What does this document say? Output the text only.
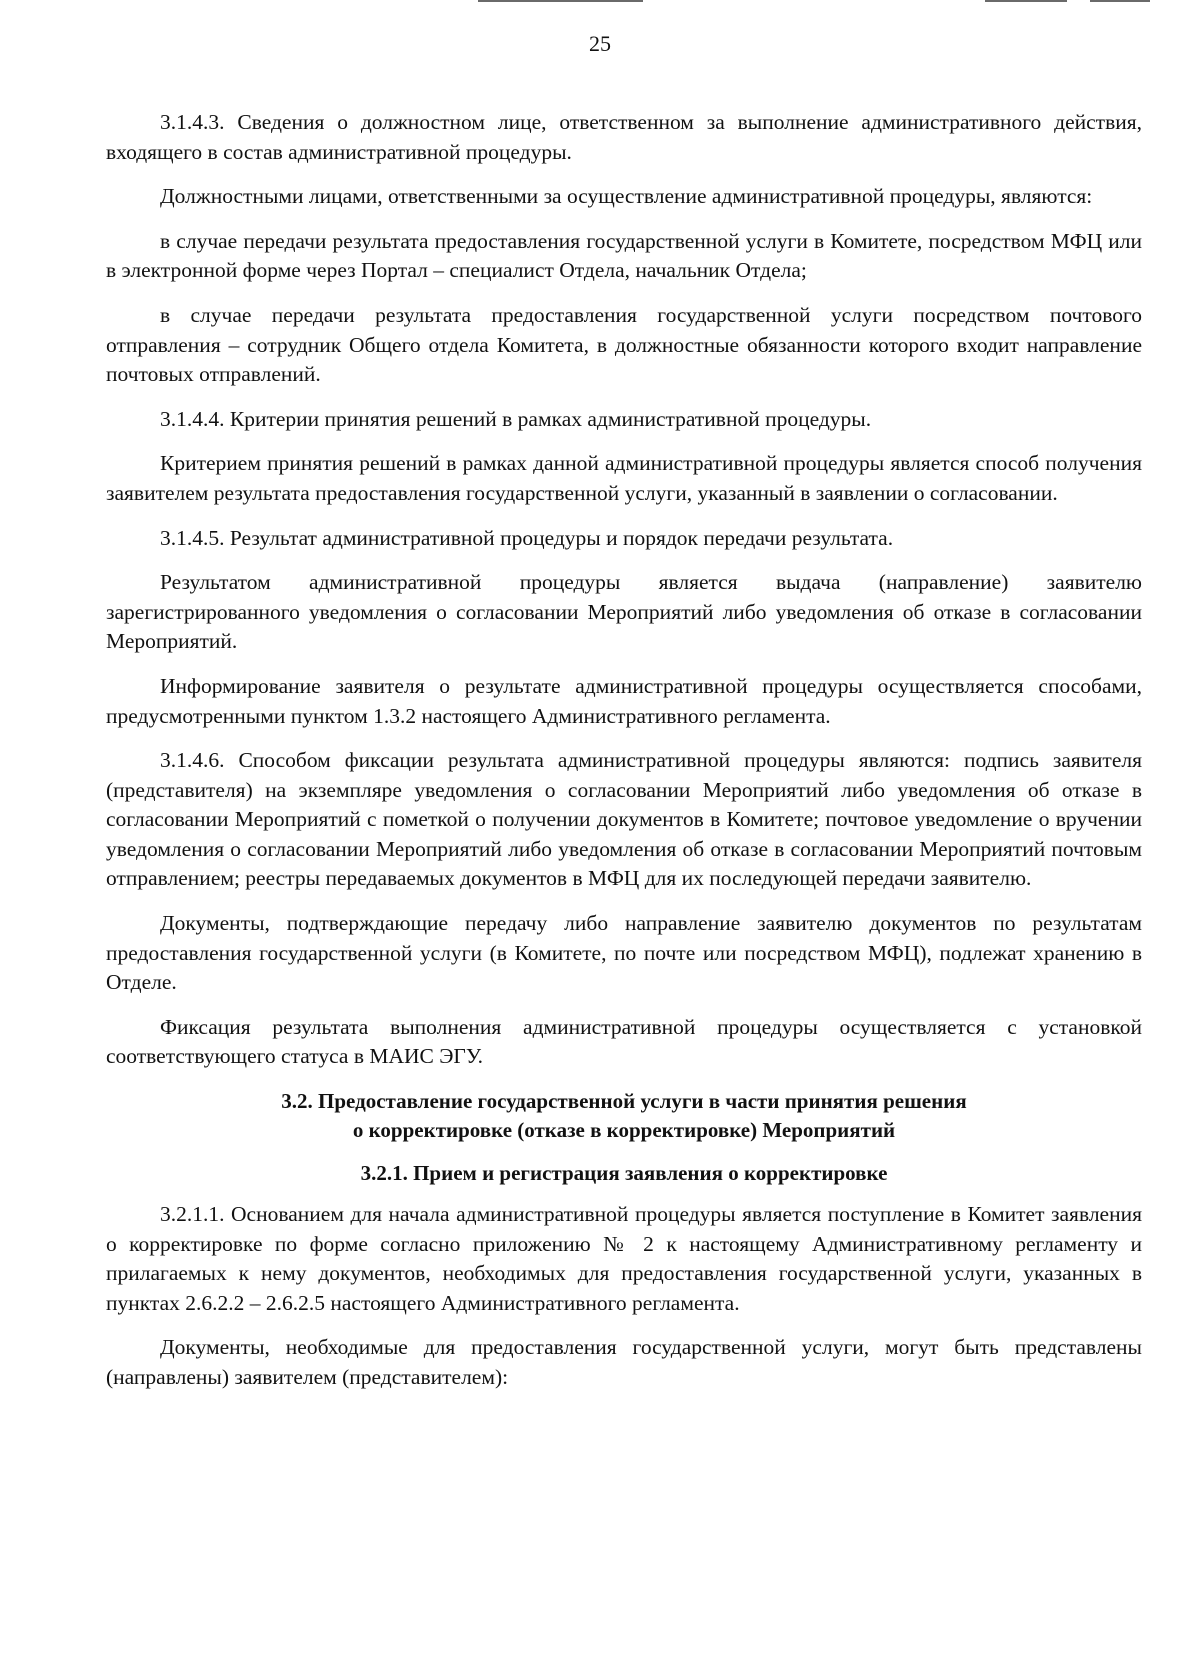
25

3.1.4.3. Сведения о должностном лице, ответственном за выполнение административного действия, входящего в состав административной процедуры.

Должностными лицами, ответственными за осуществление административной процедуры, являются:

в случае передачи результата предоставления государственной услуги в Комитете, посредством МФЦ или в электронной форме через Портал – специалист Отдела, начальник Отдела;

в случае передачи результата предоставления государственной услуги посредством почтового отправления – сотрудник Общего отдела Комитета, в должностные обязанности которого входит направление почтовых отправлений.

3.1.4.4. Критерии принятия решений в рамках административной процедуры.

Критерием принятия решений в рамках данной административной процедуры является способ получения заявителем результата предоставления государственной услуги, указанный в заявлении о согласовании.

3.1.4.5. Результат административной процедуры и порядок передачи результата.

Результатом административной процедуры является выдача (направление) заявителю зарегистрированного уведомления о согласовании Мероприятий либо уведомления об отказе в согласовании Мероприятий.

Информирование заявителя о результате административной процедуры осуществляется способами, предусмотренными пунктом 1.3.2 настоящего Административного регламента.

3.1.4.6. Способом фиксации результата административной процедуры являются: подпись заявителя (представителя) на экземпляре уведомления о согласовании Мероприятий либо уведомления об отказе в согласовании Мероприятий с пометкой о получении документов в Комитете; почтовое уведомление о вручении уведомления о согласовании Мероприятий либо уведомления об отказе в согласовании Мероприятий почтовым отправлением; реестры передаваемых документов в МФЦ для их последующей передачи заявителю.

Документы, подтверждающие передачу либо направление заявителю документов по результатам предоставления государственной услуги (в Комитете, по почте или посредством МФЦ), подлежат хранению в Отделе.

Фиксация результата выполнения административной процедуры осуществляется с установкой соответствующего статуса в МАИС ЭГУ.

3.2. Предоставление государственной услуги в части принятия решения
о корректировке (отказе в корректировке) Мероприятий
3.2.1. Прием и регистрация заявления о корректировке

3.2.1.1. Основанием для начала административной процедуры является поступление в Комитет заявления о корректировке по форме согласно приложению № 2 к настоящему Административному регламенту и прилагаемых к нему документов, необходимых для предоставления государственной услуги, указанных в пунктах 2.6.2.2 – 2.6.2.5 настоящего Административного регламента.

Документы, необходимые для предоставления государственной услуги, могут быть представлены (направлены) заявителем (представителем):
